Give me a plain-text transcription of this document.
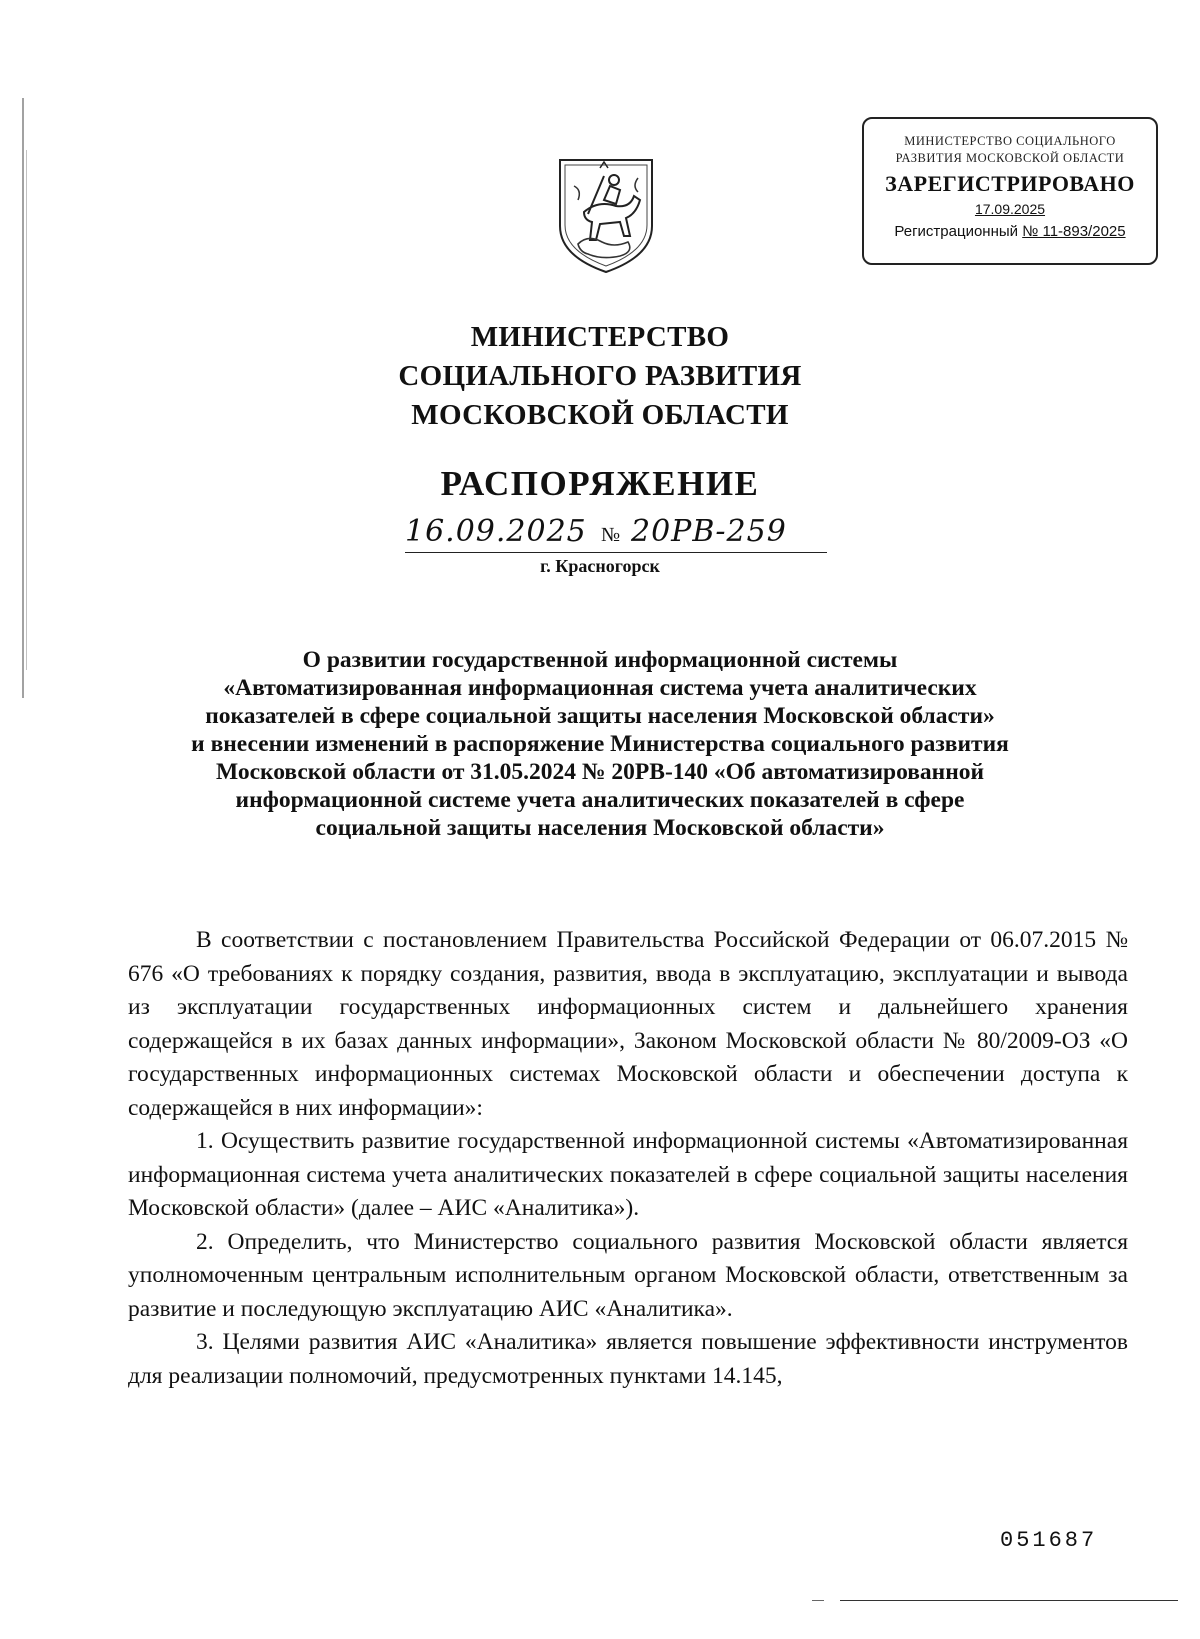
МИНИСТЕРСТВО СОЦИАЛЬНОГО
РАЗВИТИЯ МОСКОВСКОЙ ОБЛАСТИ
ЗАРЕГИСТРИРОВАНО
17.09.2025
Регистрационный № 11-893/2025
МИНИСТЕРСТВО
СОЦИАЛЬНОГО РАЗВИТИЯ
МОСКОВСКОЙ ОБЛАСТИ
РАСПОРЯЖЕНИЕ
16.09.2025 № 20РВ-259
г. Красногорск
О развитии государственной информационной системы
«Автоматизированная информационная система учета аналитических
показателей в сфере социальной защиты населения Московской области»
и внесении изменений в распоряжение Министерства социального развития
Московской области от 31.05.2024 № 20РВ-140 «Об автоматизированной
информационной системе учета аналитических показателей в сфере
социальной защиты населения Московской области»

В соответствии с постановлением Правительства Российской Федерации от 06.07.2015 № 676 «О требованиях к порядку создания, развития, ввода в эксплуатацию, эксплуатации и вывода из эксплуатации государственных информационных систем и дальнейшего хранения содержащейся в их базах данных информации», Законом Московской области № 80/2009-ОЗ «О государственных информационных системах Московской области и обеспечении доступа к содержащейся в них информации»:

1. Осуществить развитие государственной информационной системы «Автоматизированная информационная система учета аналитических показателей в сфере социальной защиты населения Московской области» (далее – АИС «Аналитика»).

2. Определить, что Министерство социального развития Московской области является уполномоченным центральным исполнительным органом Московской области, ответственным за развитие и последующую эксплуатацию АИС «Аналитика».

3. Целями развития АИС «Аналитика» является повышение эффективности инструментов для реализации полномочий, предусмотренных пунктами 14.145,

051687
